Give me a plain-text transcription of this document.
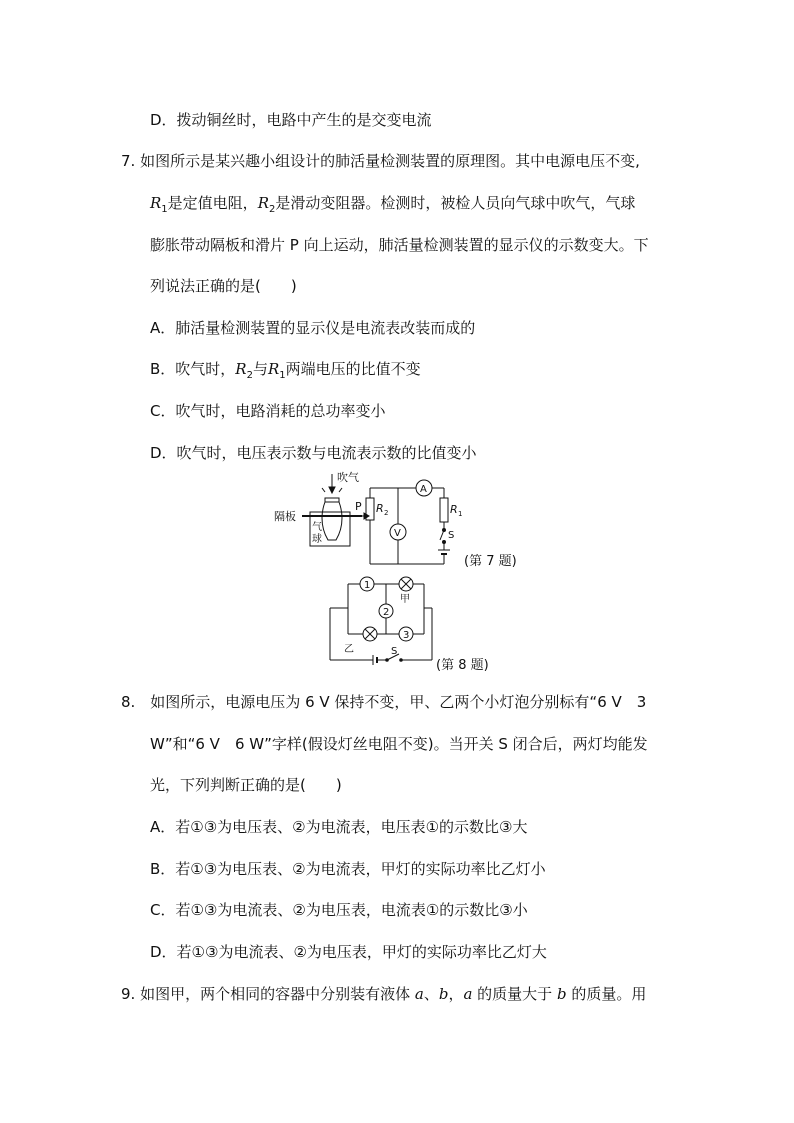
D．拨动铜丝时，电路中产生的是交变电流
7. 如图所示是某兴趣小组设计的肺活量检测装置的原理图。其中电源电压不变,
$R_1$是定值电阻，$R_2$是滑动变阻器。检测时，被检人员向气球中吹气，气球
膨胀带动隔板和滑片 P 向上运动，肺活量检测装置的显示仪的示数变大。下
列说法正确的是(　　)
A．肺活量检测装置的显示仪是电流表改装而成的
B．吹气时，$R_2$与$R_1$两端电压的比值不变
C．吹气时，电路消耗的总功率变小
D．吹气时，电压表示数与电流表示数的比值变小
吹气
隔板
P R 2	R 1
A
V	S
气
球
(第 7 题)
1
2
3
甲
乙	S
(第 8 题)
8.　如图所示，电源电压为 6 V 保持不变，甲、乙两个小灯泡分别标有“6 V　3
W”和“6 V　6 W”字样(假设灯丝电阻不变)。当开关 S 闭合后，两灯均能发
光，下列判断正确的是(　　)
A．若①③为电压表、②为电流表，电压表①的示数比③大
B．若①③为电压表、②为电流表，甲灯的实际功率比乙灯小
C．若①③为电流表、②为电压表，电流表①的示数比③小
D．若①③为电流表、②为电压表，甲灯的实际功率比乙灯大
9. 如图甲，两个相同的容器中分别装有液体 a、b，a 的质量大于 b 的质量。用
